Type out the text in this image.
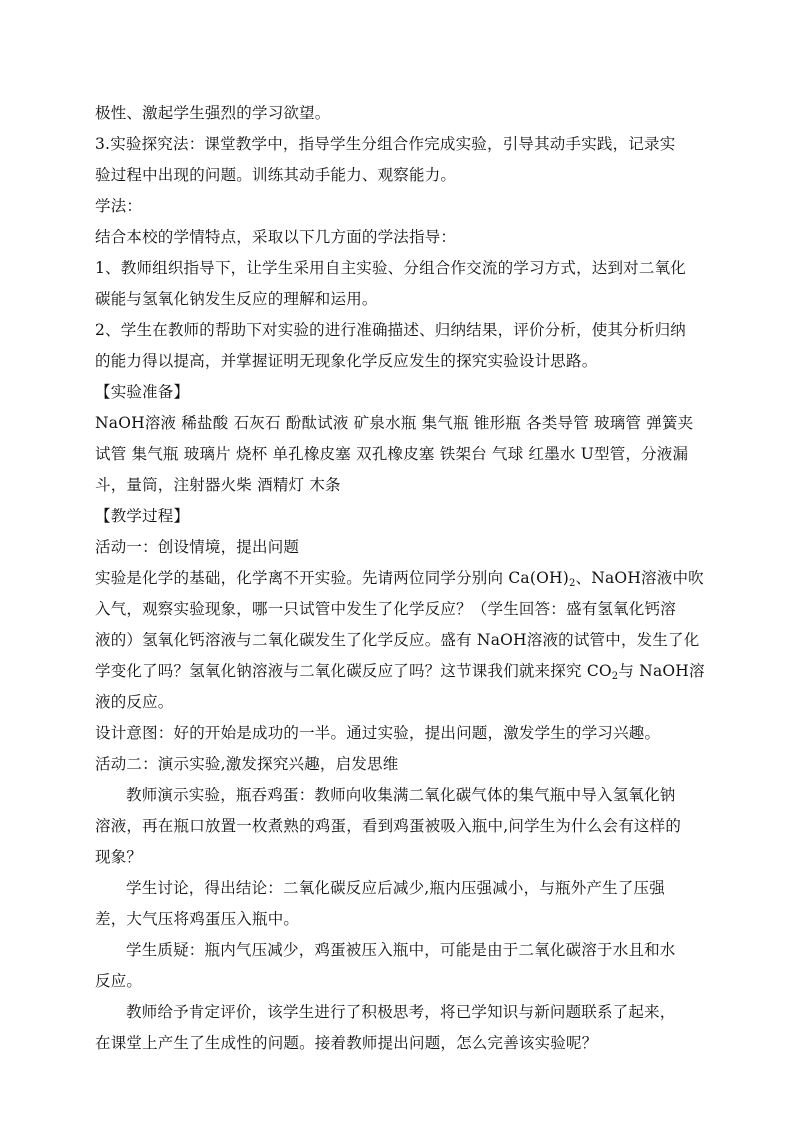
极性、激起学生强烈的学习欲望。
3.实验探究法：课堂教学中，指导学生分组合作完成实验，引导其动手实践，记录实
验过程中出现的问题。训练其动手能力、观察能力。
学法：
结合本校的学情特点，采取以下几方面的学法指导：
1、教师组织指导下，让学生采用自主实验、分组合作交流的学习方式，达到对二氧化
碳能与氢氧化钠发生反应的理解和运用。
2、学生在教师的帮助下对实验的进行准确描述、归纳结果，评价分析，使其分析归纳
的能力得以提高，并掌握证明无现象化学反应发生的探究实验设计思路。
【实验准备】
NaOH溶液 稀盐酸 石灰石 酚酞试液 矿泉水瓶 集气瓶 锥形瓶 各类导管 玻璃管 弹簧夹
试管 集气瓶 玻璃片 烧杯 单孔橡皮塞 双孔橡皮塞 铁架台 气球 红墨水 U型管，分液漏
斗，量筒，注射器火柴 酒精灯 木条
【教学过程】
活动一：创设情境，提出问题
实验是化学的基础，化学离不开实验。先请两位同学分别向 $Ca(OH)_2$、NaOH溶液中吹
入气，观察实验现象，哪一只试管中发生了化学反应？（学生回答：盛有氢氧化钙溶
液的）氢氧化钙溶液与二氧化碳发生了化学反应。盛有 NaOH溶液的试管中，发生了化
学变化了吗？氢氧化钠溶液与二氧化碳反应了吗？这节课我们就来探究 $CO_2$与 NaOH溶
液的反应。
设计意图：好的开始是成功的一半。通过实验，提出问题，激发学生的学习兴趣。
活动二：演示实验,激发探究兴趣，启发思维
教师演示实验，瓶吞鸡蛋：教师向收集满二氧化碳气体的集气瓶中导入氢氧化钠
溶液，再在瓶口放置一枚煮熟的鸡蛋，看到鸡蛋被吸入瓶中,问学生为什么会有这样的
现象？
学生讨论，得出结论：二氧化碳反应后减少,瓶内压强减小，与瓶外产生了压强
差，大气压将鸡蛋压入瓶中。
学生质疑：瓶内气压减少，鸡蛋被压入瓶中，可能是由于二氧化碳溶于水且和水
反应。
教师给予肯定评价，该学生进行了积极思考，将已学知识与新问题联系了起来，
在课堂上产生了生成性的问题。接着教师提出问题，怎么完善该实验呢？
